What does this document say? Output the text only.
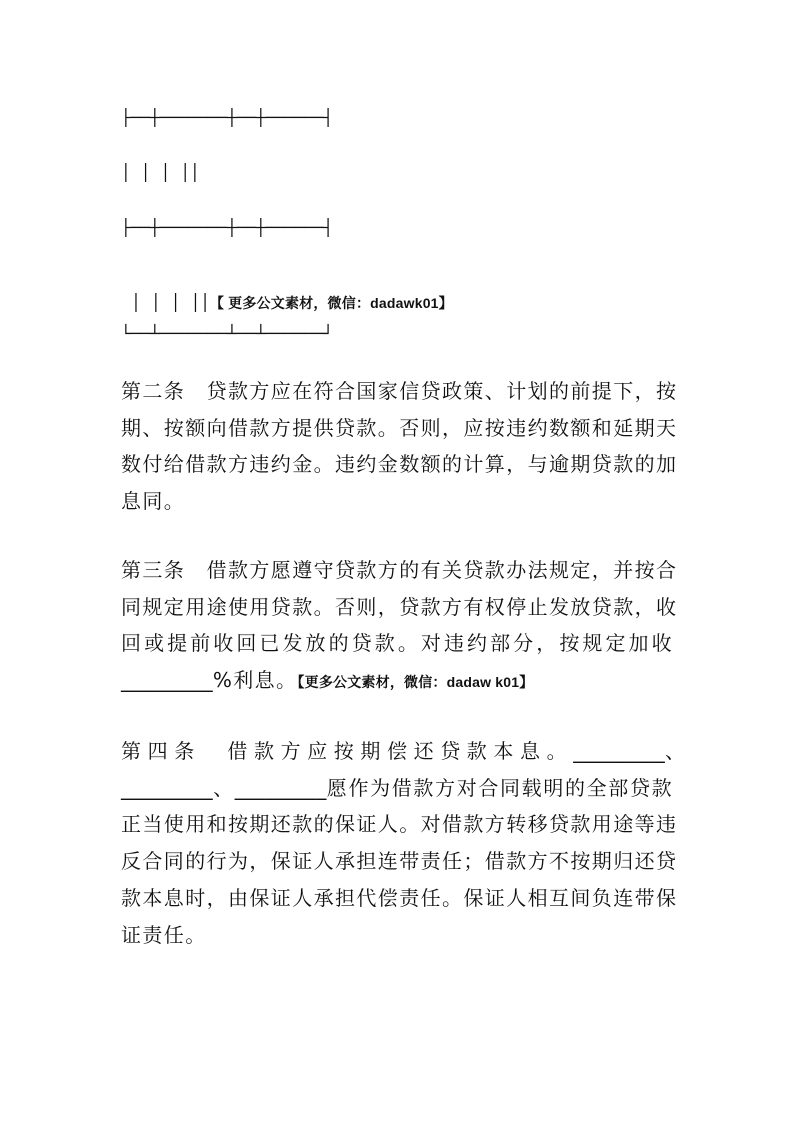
├──┼───────┼──┼──────┤
│  │  │  ││
├──┼───────┼──┼──────┤

│  │  │  ││【 更多公文素材，微信：dadawk01】

└──┴───────┴──┴──────┘
第二条　贷款方应在符合国家信贷政策、计划的前提下，按
期、按额向借款方提供贷款。否则，应按违约数额和延期天
数付给借款方违约金。违约金数额的计算，与逾期贷款的加
息同。
第三条　借款方愿遵守贷款方的有关贷款办法规定，并按合
同规定用途使用贷款。否则，贷款方有权停止发放贷款，收
回或提前收回已发放的贷款。对违约部分，按规定加收
_________%利息。【更多公文素材，微信：dadaw k01】
第四条　借款方应按期偿还贷款本息。_________、
_________、_________愿作为借款方对合同载明的全部贷款
正当使用和按期还款的保证人。对借款方转移贷款用途等违
反合同的行为，保证人承担连带责任；借款方不按期归还贷
款本息时，由保证人承担代偿责任。保证人相互间负连带保
证责任。
